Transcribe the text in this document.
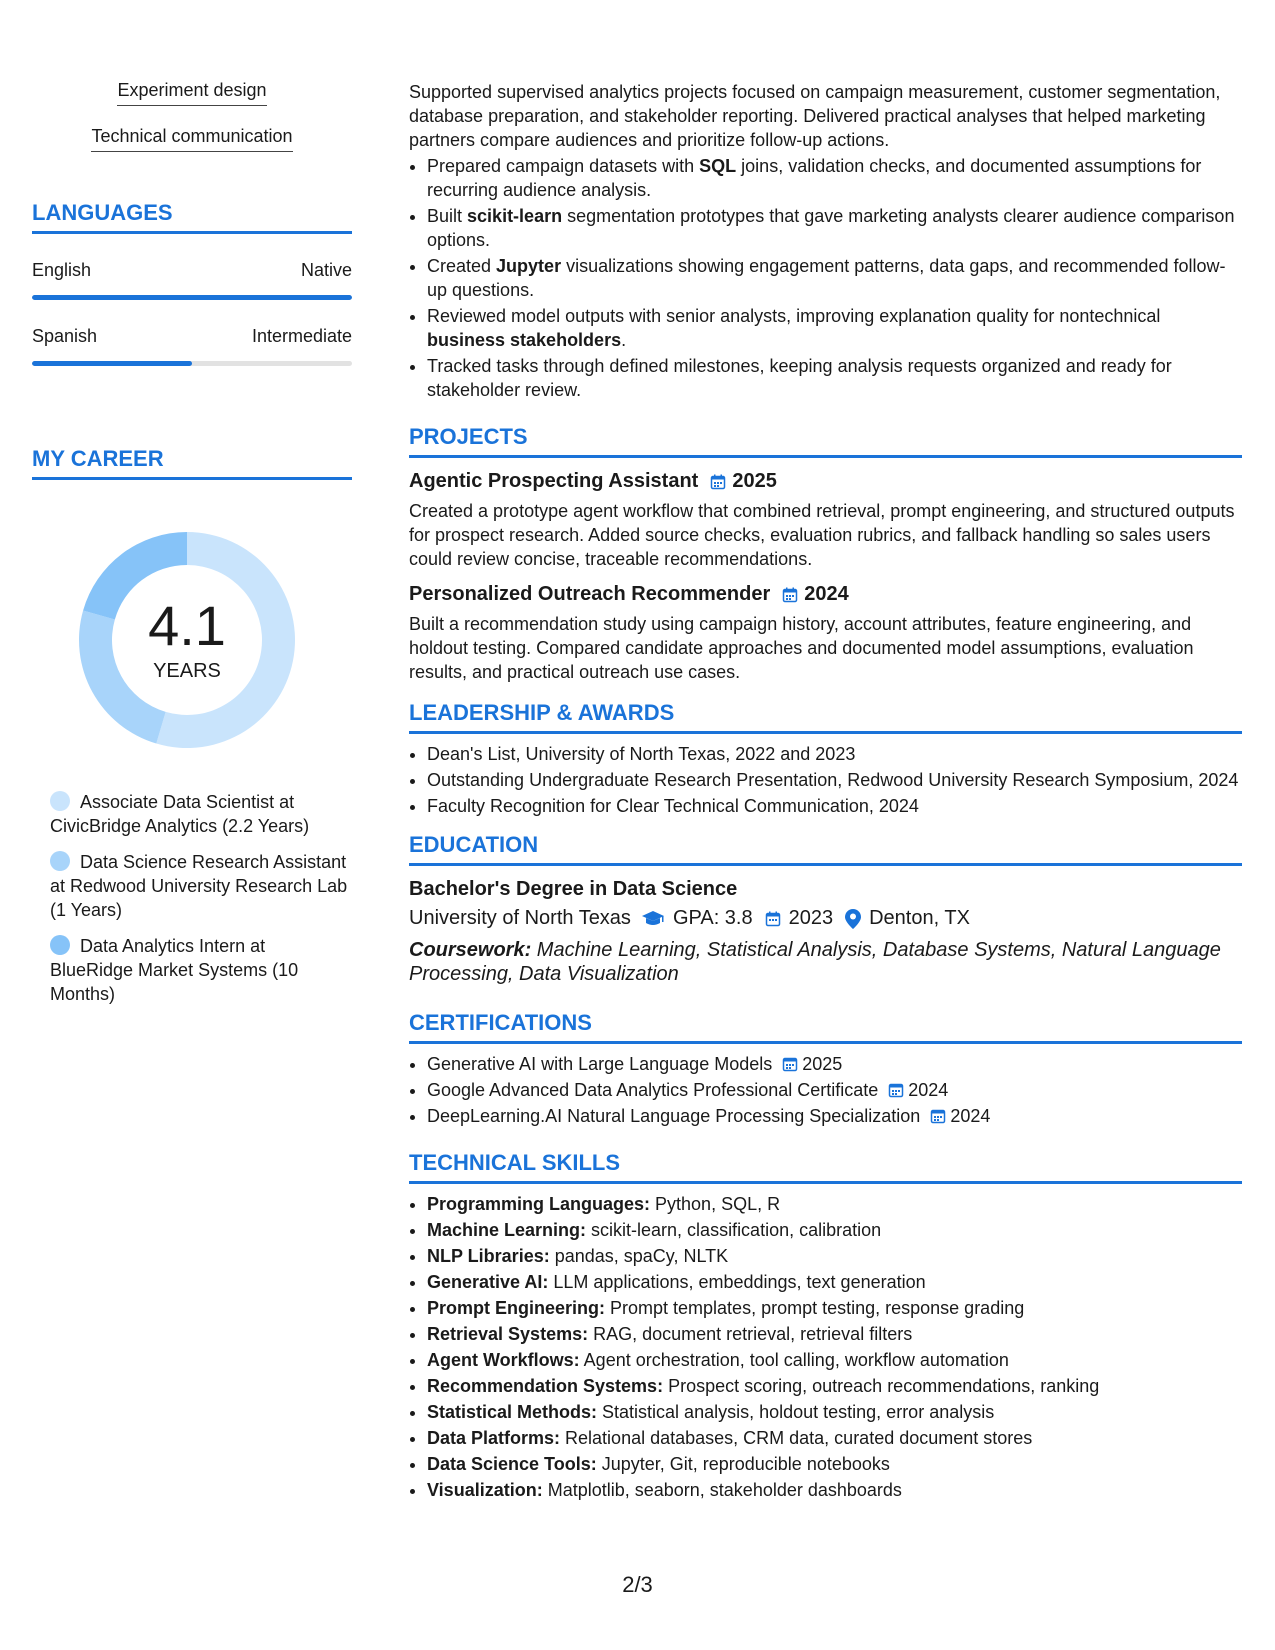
Experiment design
Technical communication
LANGUAGES
English	Native
Spanish	Intermediate
MY CAREER
4.1
YEARS
Associate Data Scientist at CivicBridge Analytics (2.2 Years)
Data Science Research Assistant at Redwood University Research Lab (1 Years)
Data Analytics Intern at BlueRidge Market Systems (10 Months)

Supported supervised analytics projects focused on campaign measurement, customer segmentation, database preparation, and stakeholder reporting. Delivered practical analyses that helped marketing partners compare audiences and prioritize follow-up actions.

• Prepared campaign datasets with SQL joins, validation checks, and documented assumptions for recurring audience analysis.
• Built scikit-learn segmentation prototypes that gave marketing analysts clearer audience comparison options.
• Created Jupyter visualizations showing engagement patterns, data gaps, and recommended follow-up questions.
• Reviewed model outputs with senior analysts, improving explanation quality for nontechnical business stakeholders.
• Tracked tasks through defined milestones, keeping analysis requests organized and ready for stakeholder review.
PROJECTS
Agentic Prospecting Assistant 2025

Created a prototype agent workflow that combined retrieval, prompt engineering, and structured outputs for prospect research. Added source checks, evaluation rubrics, and fallback handling so sales users could review concise, traceable recommendations.

Personalized Outreach Recommender 2024

Built a recommendation study using campaign history, account attributes, feature engineering, and holdout testing. Compared candidate approaches and documented model assumptions, evaluation results, and practical outreach use cases.

LEADERSHIP & AWARDS
• Dean's List, University of North Texas, 2022 and 2023
• Outstanding Undergraduate Research Presentation, Redwood University Research Symposium, 2024
• Faculty Recognition for Clear Technical Communication, 2024
EDUCATION
Bachelor's Degree in Data Science
University of North Texas GPA: 3.8 2023 Denton, TX
Coursework: Machine Learning, Statistical Analysis, Database Systems, Natural Language Processing, Data Visualization
CERTIFICATIONS
• Generative AI with Large Language Models 2025
• Google Advanced Data Analytics Professional Certificate 2024
• DeepLearning.AI Natural Language Processing Specialization 2024
TECHNICAL SKILLS
• Programming Languages: Python, SQL, R
• Machine Learning: scikit-learn, classification, calibration
• NLP Libraries: pandas, spaCy, NLTK
• Generative AI: LLM applications, embeddings, text generation
• Prompt Engineering: Prompt templates, prompt testing, response grading
• Retrieval Systems: RAG, document retrieval, retrieval filters
• Agent Workflows: Agent orchestration, tool calling, workflow automation
• Recommendation Systems: Prospect scoring, outreach recommendations, ranking
• Statistical Methods: Statistical analysis, holdout testing, error analysis
• Data Platforms: Relational databases, CRM data, curated document stores
• Data Science Tools: Jupyter, Git, reproducible notebooks
• Visualization: Matplotlib, seaborn, stakeholder dashboards
2/3
